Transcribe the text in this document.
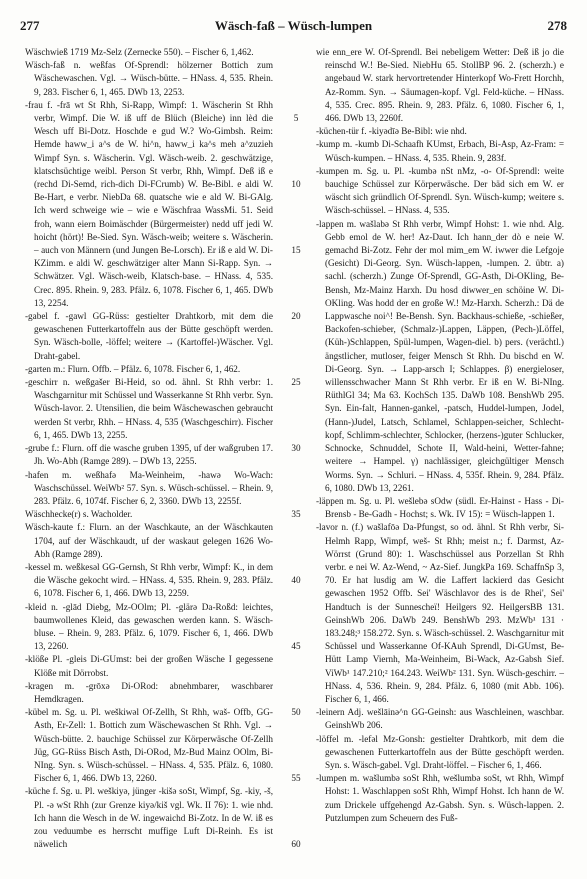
277	Wäsch-faß – Wüsch-lumpen	278

Wäschwieß 1719 Mz-Selz (Zernecke 550). – Fischer 6, 1,462.

Wäsch-faß n. weßfas Of-Sprendl: hölzerner Bottich zum Wäschewaschen. Vgl. → Wüsch-bütte. – HNass. 4, 535. Rhein. 9, 283. Fischer 6, 1, 465. DWb 13, 2253.

-frau f. -frā wt St Rhh, Si-Rapp, Wimpf: 1. Wäscherin St Rhh verbr, Wimpf. Die W. iß uff de Blüch (Bleiche) inn lèd die Wesch uff Bi-Dotz. Hoschde e gud W.? Wo-Gimbsh. Reim: Hemde haww_i a^s de W. hi^n, haww_i ka^s meh a^zuzieh Wimpf Syn. s. Wäscherin. Vgl. Wäsch-weib. 2. geschwätzige, klatschsüchtige weibl. Person St verbr, Rhh, Wimpf. Deß iß e (rechd Di-Semd, rich-dich Di-FCrumb) W. Be-Bibl. e aldi W. Be-Hart, e verbr. NiebDa 68. quatsche wie e ald W. Bi-GAlg. Ich werd schweige wie – wie e Wäschfraa WassMi. 51. Seid froh, wann eiern Boimäschder (Bürgermeister) nedd uff jedi W. hoicht (hört)! Be-Sied. Syn. Wäsch-weib; weitere s. Wäscherin. – auch von Männern (und Jungen Be-Lorsch). Er iß e ald W. Di-KZimm. e aldi W. geschwätziger alter Mann Si-Rapp. Syn. → Schwätzer. Vgl. Wäsch-weib, Klatsch-base. – HNass. 4, 535. Crec. 895. Rhein. 9, 283. Pfälz. 6, 1078. Fischer 6, 1, 465. DWb 13, 2254.

-gabel f. -gawl GG-Rüss: gestielter Drahtkorb, mit dem die gewaschenen Futterkartoffeln aus der Bütte geschöpft werden. Syn. Wäsch-bolle, -löffel; weitere → (Kartoffel-)Wäscher. Vgl. Draht-gabel.

-garten m.: Flurn. Offb. – Pfälz. 6, 1078. Fischer 6, 1, 462.

-geschirr n. weßgašer Bi-Heid, so od. ähnl. St Rhh verbr: 1. Waschgarnitur mit Schüssel und Wasserkanne St Rhh verbr. Syn. Wüsch-lavor. 2. Utensilien, die beim Wäschewaschen gebraucht werden St verbr, Rhh. – HNass. 4, 535 (Waschgeschirr). Fischer 6, 1, 465. DWb 13, 2255.

-grube f.: Flurn. off die wasche gruben 1395, uf der waßgruben 17. Jh. Wo-Abh (Ramge 289). – DWb 13, 2255.

-hafen m. weßhafə Ma-Weinheim, -hawə Wo-Wach: Waschschüssel. WeiWb² 57. Syn. s. Wüsch-schüssel. – Rhein. 9, 283. Pfälz. 6, 1074f. Fischer 6, 2, 3360. DWb 13, 2255f.

Wäschhecke(r) s. Wacholder.

Wäsch-kaute f.: Flurn. an der Waschkaute, an der Wäschkauten 1704, auf der Wäschkaudt, uf der waskaut gelegen 1626 Wo-Abh (Ramge 289).

-kessel m. weßkesəl GG-Gernsh, St Rhh verbr, Wimpf: K., in dem die Wäsche gekocht wird. – HNass. 4, 535. Rhein. 9, 283. Pfälz. 6, 1078. Fischer 6, 1, 466. DWb 13, 2259.

-kleid n. -glād Diebg, Mz-OOlm; Pl. -glärə Da-Roßd: leichtes, baumwollenes Kleid, das gewaschen werden kann. S. Wäsch-bluse. – Rhein. 9, 283. Pfälz. 6, 1079. Fischer 6, 1, 466. DWb 13, 2260.

-klöße Pl. -gleis Di-GUmst: bei der großen Wäsche I gegessene Klöße mit Dörrobst.

-kragen m. -grōxə Di-ORod: abnehmbarer, waschbarer Hemdkragen.

-kübel m. Sg. u. Pl. weškiwəl Of-Zellh, St Rhh, waš- Offb, GG-Asth, Er-Zell: 1. Bottich zum Wäschewaschen St Rhh. Vgl. → Wüsch-bütte. 2. bauchige Schüssel zur Körperwäsche Of-Zellh Jüg, GG-Rüss Bisch Asth, Di-ORod, Mz-Bud Mainz OOlm, Bi-NIng. Syn. s. Wüsch-schüssel. – HNass. 4, 535. Pfälz. 6, 1080. Fischer 6, 1, 466. DWb 13, 2260.

-küche f. Sg. u. Pl. weškiyə, jünger -kišə soSt, Wimpf, Sg. -kiy, -š, Pl. -ə wSt Rhh (zur Grenze kiyə/kiš vgl. Wk. II 76): 1. wie nhd. Ich hann die Wesch in de W. ingewaichd Bi-Zotz. In de W. iß es zou veduumbe es herrscht muffige Luft Di-Reinh. Es ist näwelich

5
10
15
20
25
30
35
40
45
50
55
60

wie enn_ere W. Of-Sprendl. Bei nebeligem Wetter: Deß iß jo die reinschd W.! Be-Sied. NiebHu 65. StollBP 96. 2. (scherzh.) e angebaud W. stark hervortretender Hinterkopf Wo-Frett Horchh, Az-Romm. Syn. → Säumagen-kopf. Vgl. Feld-küche. – HNass. 4, 535. Crec. 895. Rhein. 9, 283. Pfälz. 6, 1080. Fischer 6, 1, 466. DWb 13, 2260f.

-küchen-tür f. -kiyədīə Be-Bibl: wie nhd.

-kump m. -kumb Di-Schaafh KUmst, Erbach, Bi-Asp, Az-Fram: = Wüsch-kumpen. – HNass. 4, 535. Rhein. 9, 283f.

-kumpen m. Sg. u. Pl. -kumbə nSt nMz, -o- Of-Sprendl: weite bauchige Schüssel zur Körperwäsche. Der bäd sich em W. er wäscht sich gründlich Of-Sprendl. Syn. Wüsch-kump; weitere s. Wäsch-schüssel. – HNass. 4, 535.

-lappen m. wašlabə St Rhh verbr, Wimpf Hohst: 1. wie nhd. Alg. Gebb emol de W. her! Az-Daut. Ich hann_der dò e neie W. gemachd Bi-Zotz. Fehr der mol mim_em W. iwwer die Lefgoje (Gesicht) Di-Georg. Syn. Wüsch-lappen, -lumpen. 2. übtr. a) sachl. (scherzh.) Zunge Of-Sprendl, GG-Asth, Di-OKling, Be-Bensh, Mz-Mainz Harxh. Du hosd diwwer_en schöine W. Di-OKling. Was hodd der en große W.! Mz-Harxh. Scherzh.: Dä de Lappwasche noi^! Be-Bensh. Syn. Backhaus-schieße, -schießer, Backofen-schieber, (Schmalz-)Lappen, Läppen, (Pech-)Löffel, (Küh-)Schlappen, Spül-lumpen, Wagen-diel. b) pers. (verächtl.) ängstlicher, mutloser, feiger Mensch St Rhh. Du bischd en W. Di-Georg. Syn. → Lapp-arsch I; Schlappes. β) energieloser, willensschwacher Mann St Rhh verbr. Er iß en W. Bi-NIng. RüthlGl 34; Ma 63. KochSch 135. DaWb 108. BenshWb 295. Syn. Ein-falt, Hannen-gankel, -patsch, Huddel-lumpen, Jodel, (Hann-)Judel, Latsch, Schlamel, Schlappen-seicher, Schlecht-kopf, Schlimm-schlechter, Schlocker, (herzens-)guter Schlucker, Schnocke, Schnuddel, Schote II, Wald-heini, Wetter-fahne; weitere → Hampel. γ) nachlässiger, gleichgültiger Mensch Worms. Syn. → Schluri. – HNass. 4, 535f. Rhein. 9, 284. Pfälz. 6, 1080. DWb 13, 2261.

-läppen m. Sg. u. Pl. wešlebə sOdw (südl. Er-Hainst - Hass - Di-Brensb - Be-Gadh - Hochst; s. Wk. IV 15): = Wüsch-lappen 1.

-lavor n. (f.) wašlafōə Da-Pfungst, so od. ähnl. St Rhh verbr, Si-Helmh Rapp, Wimpf, weš- St Rhh; meist n.; f. Darmst, Az-Wörrst (Grund 80): 1. Waschschüssel aus Porzellan St Rhh verbr. e nei W. Az-Wend, ~ Az-Sief. JungkPa 169. SchaffnSp 3, 70. Er hat lusdig am W. die Laffert lackierd das Gesicht gewaschen 1952 Offb. Sei' Wäschlavor des is de Rhei', Sei' Handtuch is der Sunnescheï! Heilgers 92. HeilgersBB 131. GeinshWb 206. DaWb 249. BenshWb 293. MzWb¹ 131 · 183.248;³ 158.272. Syn. s. Wäsch-schüssel. 2. Waschgarnitur mit Schüssel und Wasserkanne Of-KAuh Sprendl, Di-GUmst, Be-Hütt Lamp Viernh, Ma-Weinheim, Bi-Wack, Az-Gabsh Sief. ViWb¹ 147.210;² 164.243. WeiWb² 131. Syn. Wüsch-geschirr. – HNass. 4, 536. Rhein. 9, 284. Pfälz. 6, 1080 (mit Abb. 106). Fischer 6, 1, 466.

-leinern Adj. wešlāinə^n GG-Geinsh: aus Waschleinen, waschbar. GeinshWb 206.

-löffel m. -lefəl Mz-Gonsh: gestielter Drahtkorb, mit dem die gewaschenen Futterkartoffeln aus der Bütte geschöpft werden. Syn. s. Wäsch-gabel. Vgl. Draht-löffel. – Fischer 6, 1, 466.

-lumpen m. wašlumbə soSt Rhh, wešlumbə soSt, wt Rhh, Wimpf Hohst: 1. Waschlappen soSt Rhh, Wimpf Hohst. Ich hann de W. zum Drickele uffgehengd Az-Gabsh. Syn. s. Wüsch-lappen. 2. Putzlumpen zum Scheuern des Fuß-
